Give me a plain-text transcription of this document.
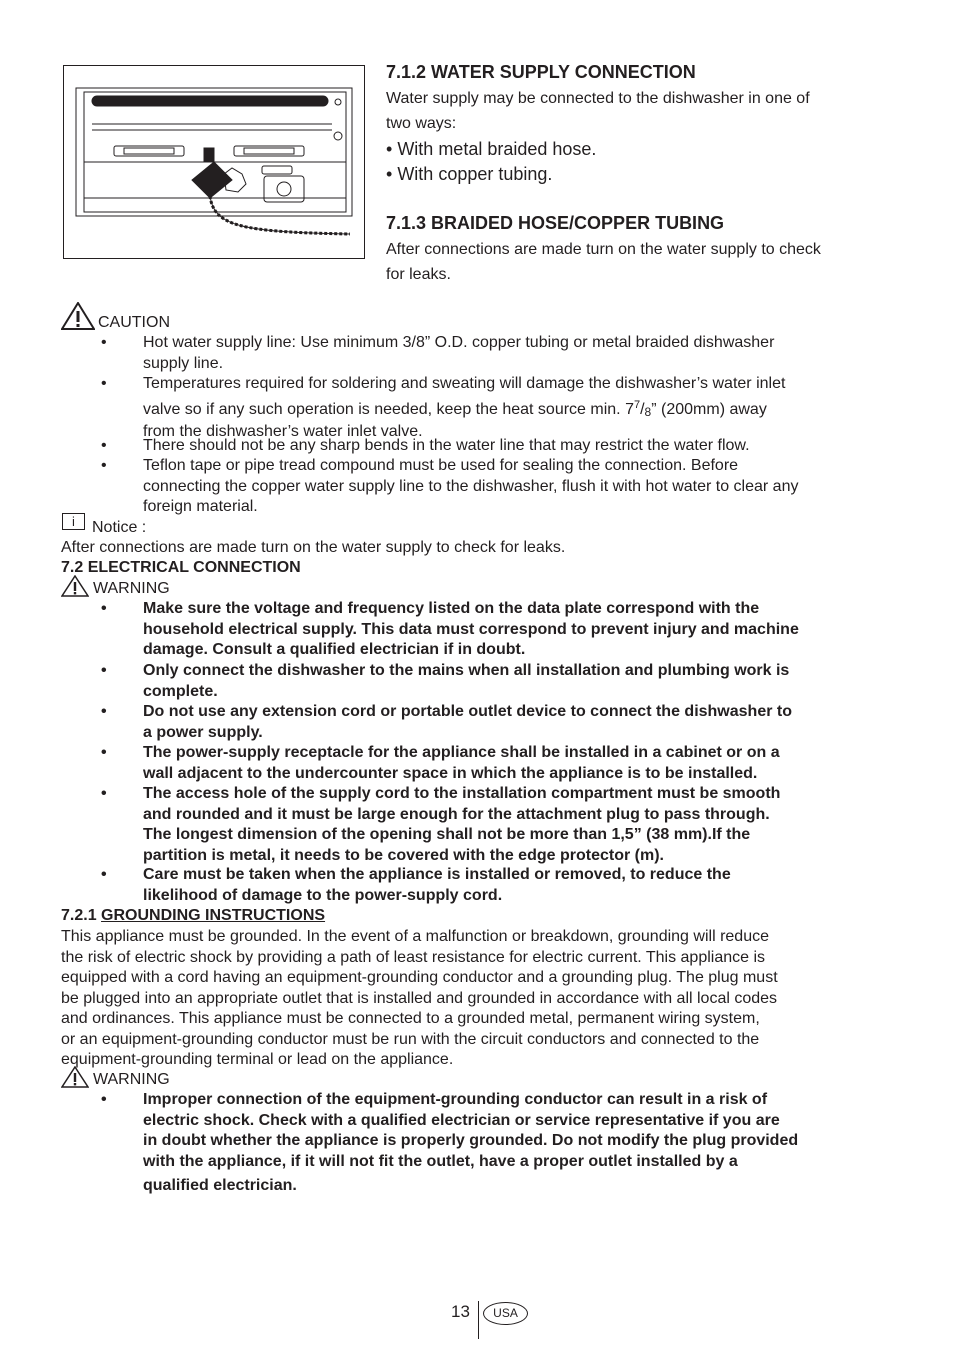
7.1.2 WATER SUPPLY CONNECTION
Water supply may be connected to the dishwasher in one of
two ways:
• With metal braided hose.
• With copper tubing.
7.1.3 BRAIDED HOSE/COPPER TUBING
After connections are made turn on the water supply to check
for leaks.
CAUTION
• Hot water supply line: Use minimum 3/8” O.D. copper tubing or metal braided dishwasher
supply line.
• Temperatures required for soldering and sweating will damage the dishwasher’s water inlet
valve so if any such operation is needed, keep the heat source min. $7^7/8$” (200mm) away
from the dishwasher’s water inlet valve.
• There should not be any sharp bends in the water line that may restrict the water flow.
• Teflon tape or pipe tread compound must be used for sealing the connection. Before
connecting the copper water supply line to the dishwasher, flush it with hot water to clear any
foreign material.
i	Notice :
After connections are made turn on the water supply to check for leaks.
7.2 ELECTRICAL CONNECTION
WARNING
• Make sure the voltage and frequency listed on the data plate correspond with the
household electrical supply. This data must correspond to prevent injury and machine
damage. Consult a qualified electrician if in doubt.
• Only connect the dishwasher to the mains when all installation and plumbing work is
complete.
• Do not use any extension cord or portable outlet device to connect the dishwasher to
a power supply.
• The power-supply receptacle for the appliance shall be installed in a cabinet or on a
wall adjacent to the undercounter space in which the appliance is to be installed.
• The access hole of the supply cord to the installation compartment must be smooth
and rounded and it must be large enough for the attachment plug to pass through.
The longest dimension of the opening shall not be more than 1,5” (38 mm).If the
partition is metal, it needs to be covered with the edge protector (m).
• Care must be taken when the appliance is installed or removed, to reduce the
likelihood of damage to the power-supply cord.
7.2.1 GROUNDING INSTRUCTIONS
This appliance must be grounded. In the event of a malfunction or breakdown, grounding will reduce
the risk of electric shock by providing a path of least resistance for electric current. This appliance is
equipped with a cord having an equipment-grounding conductor and a grounding plug. The plug must
be plugged into an appropriate outlet that is installed and grounded in accordance with all local codes
and ordinances. This appliance must be connected to a grounded metal, permanent wiring system,
or an equipment-grounding conductor must be run with the circuit conductors and connected to the
equipment-grounding terminal or lead on the appliance.
WARNING
• Improper connection of the equipment-grounding conductor can result in a risk of
electric shock. Check with a qualified electrician or service representative if you are
in doubt whether the appliance is properly grounded. Do not modify the plug provided
with the appliance, if it will not fit the outlet, have a proper outlet installed by a
qualified electrician.
13	USA
